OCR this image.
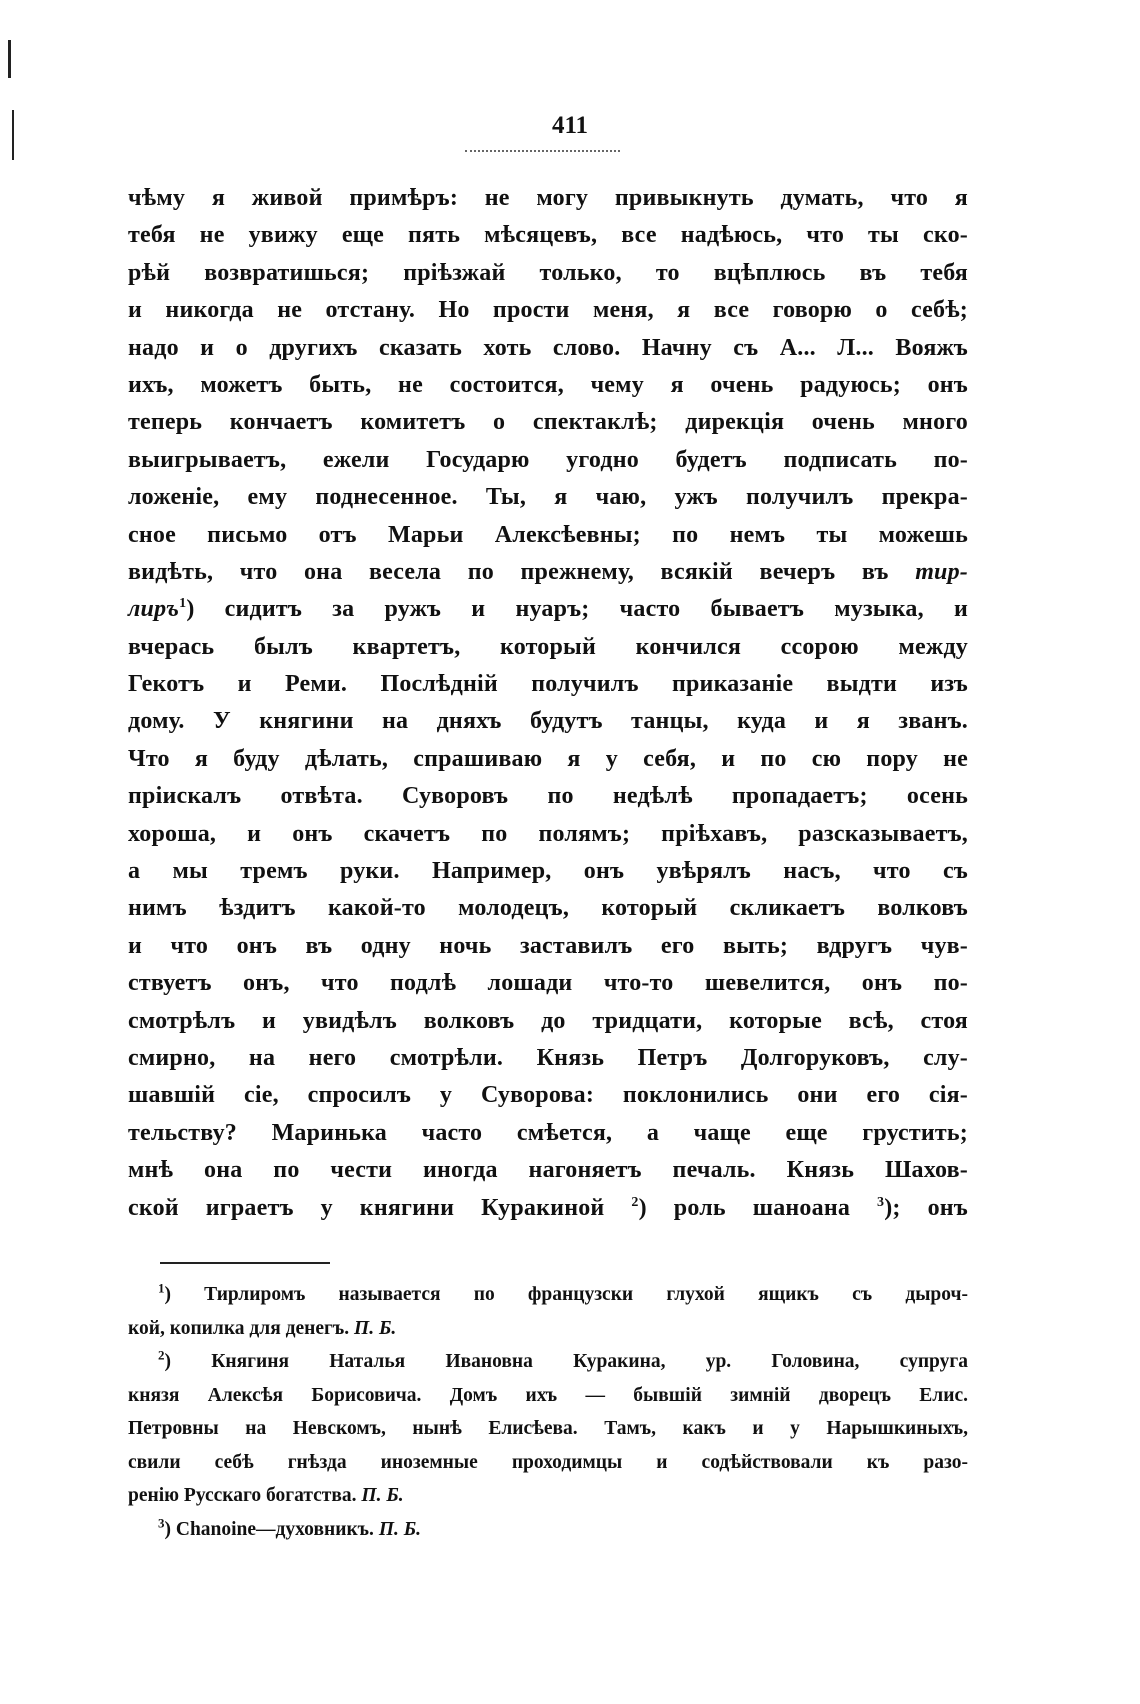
411
чѣму я живой примѣръ: не могу привыкнуть думать, что я
тебя не увижу еще пять мѣсяцевъ, все надѣюсь, что ты ско-
рѣй возвратишься; пріѣзжай только, то вцѣплюсь въ тебя
и никогда не отстану. Но прости меня, я все говорю о себѣ;
надо и о другихъ сказать хоть слово. Начну съ А... Л... Вояжъ
ихъ, можетъ быть, не состоится, чему я очень радуюсь; онъ
теперь кончаетъ комитетъ о спектаклѣ; дирекція очень много
выигрываетъ, ежели Государю угодно будетъ подписать по-
ложеніе, ему поднесенное. Ты, я чаю, ужъ получилъ прекра-
сное письмо отъ Марьи Алексѣевны; по немъ ты можешь
видѣть, что она весела по прежнему, всякій вечеръ въ тир-
лиръ$^1$) сидитъ за ружъ и нуаръ; часто бываетъ музыка, и
вчерась былъ квартетъ, который кончился ссорою между
Гекотъ и Реми. Послѣдній получилъ приказаніе выдти изъ
дому. У княгини на дняхъ будутъ танцы, куда и я званъ.
Что я буду дѣлать, спрашиваю я у себя, и по сю пору не
пріискалъ отвѣта. Суворовъ по недѣлѣ пропадаетъ; осень
хороша, и онъ скачетъ по полямъ; пріѣхавъ, разсказываетъ,
а мы тремъ руки. Например, онъ увѣрялъ насъ, что съ
нимъ ѣздитъ какой-то молодецъ, который скликаетъ волковъ
и что онъ въ одну ночь заставилъ его выть; вдругъ чув-
ствуетъ онъ, что подлѣ лошади что-то шевелится, онъ по-
смотрѣлъ и увидѣлъ волковъ до тридцати, которые всѣ, стоя
смирно, на него смотрѣли. Князь Петръ Долгоруковъ, слу-
шавшій сіе, спросилъ у Суворова: поклонились они его сія-
тельству? Маринька часто смѣется, а чаще еще грустить;
мнѣ она по чести иногда нагоняетъ печаль. Князь Шахов-
ской играетъ у княгини Куракиной $^2$) роль шаноана $^3$); онъ
$^1$) Тирлиромъ называется по французски глухой ящикъ съ дыроч-
кой, копилка для денегъ. П. Б.
$^2$) Княгиня Наталья Ивановна Куракина, ур. Головина, супруга
князя Алексѣя Борисовича. Домъ ихъ — бывшій зимній дворецъ Елис.
Петровны на Невскомъ, нынѣ Елисѣева. Тамъ, какъ и у Нарышкиныхъ,
свили себѣ гнѣзда иноземные проходимцы и содѣйствовали къ разо-
ренію Русскаго богатства. П. Б.
$^3$) Chanoine—духовникъ. П. Б.
